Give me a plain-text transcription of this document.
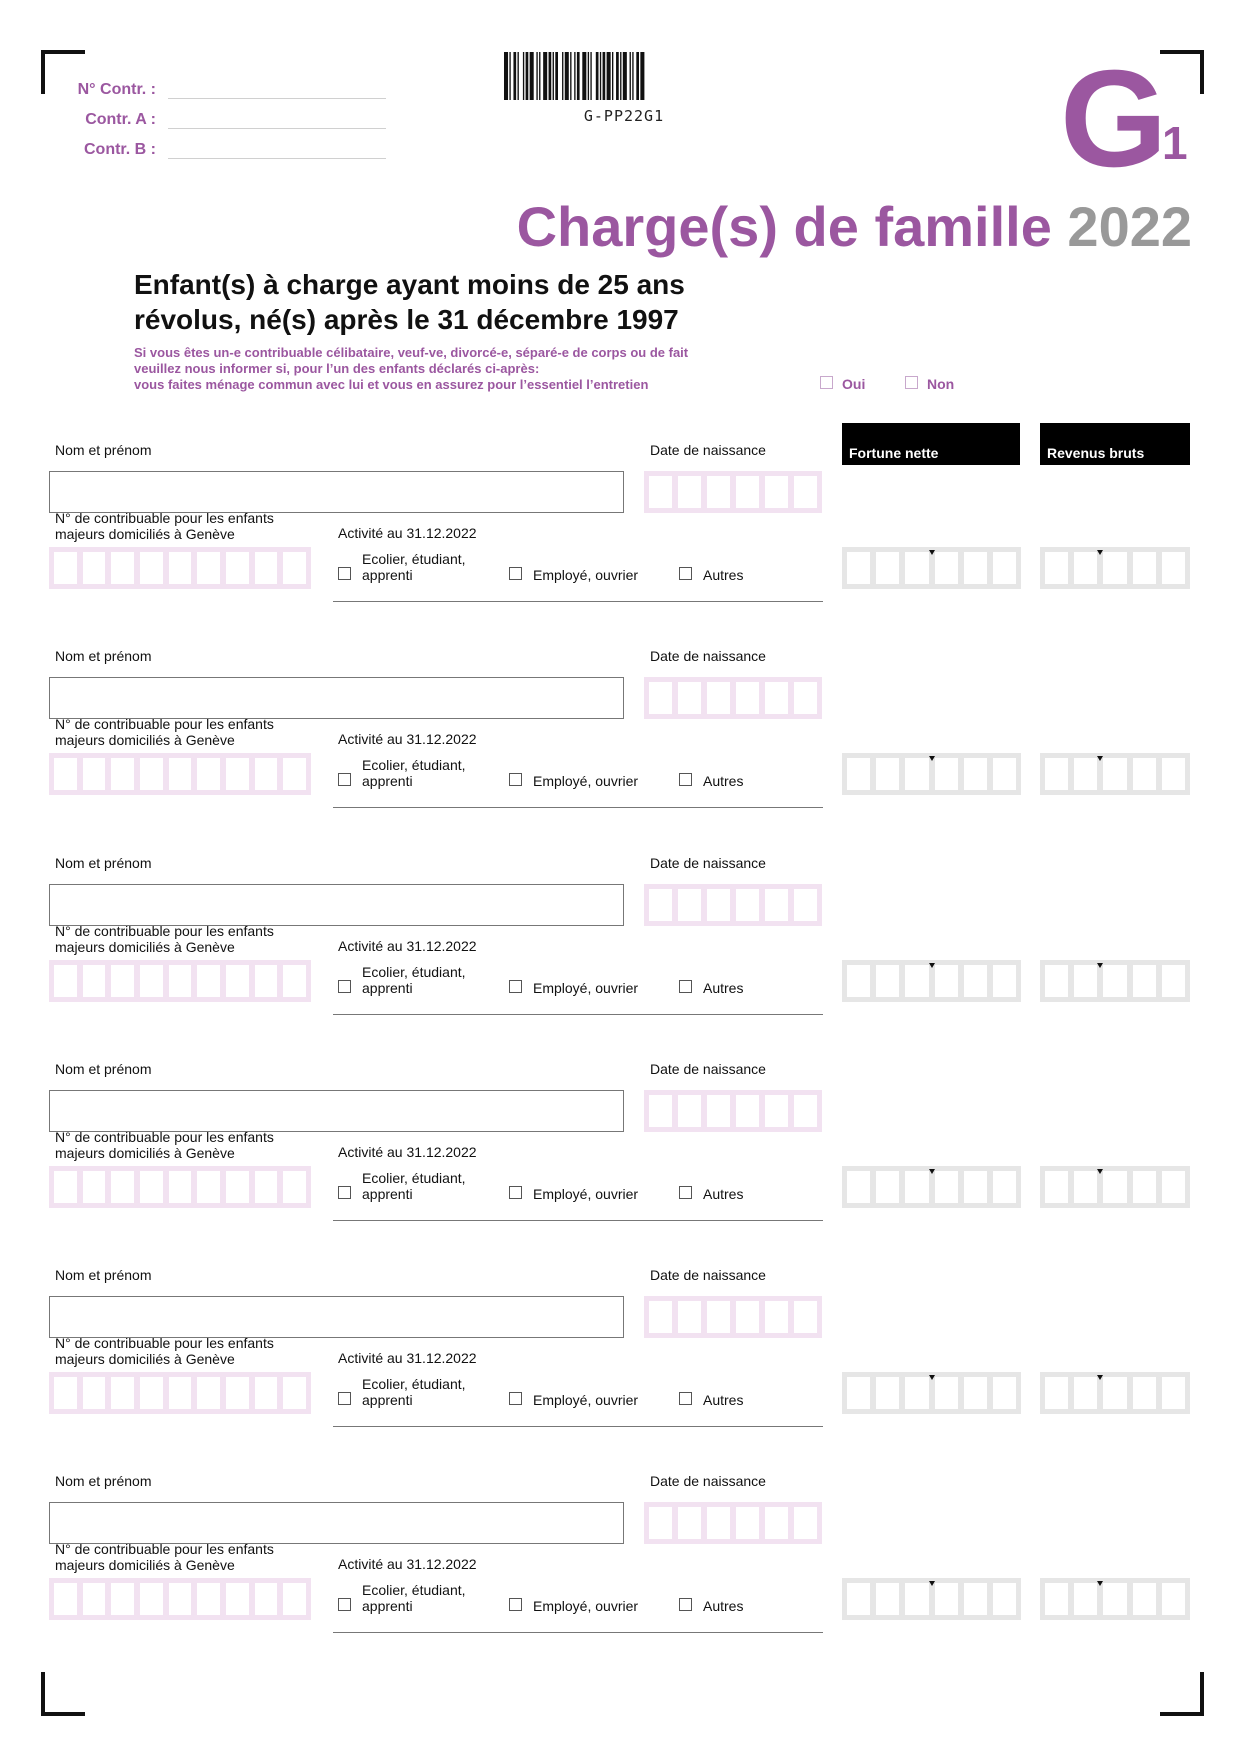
N° Contr. :
Contr. A :
Contr. B :
G-PP22G1	G
1
Charge(s) de famille 2022
Enfant(s) à charge ayant moins de 25 ans
révolus, né(s) après le 31 décembre 1997
Si vous êtes un-e contribuable célibataire, veuf-ve, divorcé-e, séparé-e de corps ou de fait
veuillez nous informer si, pour l’un des enfants déclarés ci-après:
vous faites ménage commun avec lui et vous en assurez pour l’essentiel l’entretien	Oui	Non
Fortune nette	Revenus bruts
Nom et prénom	Date de naissance
N° de contribuable pour les enfants
majeurs domiciliés à Genève	Activité au 31.12.2022
Ecolier, étudiant,
apprenti	Employé, ouvrier	Autres
Nom et prénom	Date de naissance
N° de contribuable pour les enfants
majeurs domiciliés à Genève	Activité au 31.12.2022
Ecolier, étudiant,
apprenti	Employé, ouvrier	Autres
Nom et prénom	Date de naissance
N° de contribuable pour les enfants
majeurs domiciliés à Genève	Activité au 31.12.2022
Ecolier, étudiant,
apprenti	Employé, ouvrier	Autres
Nom et prénom	Date de naissance
N° de contribuable pour les enfants
majeurs domiciliés à Genève	Activité au 31.12.2022
Ecolier, étudiant,
apprenti	Employé, ouvrier	Autres
Nom et prénom	Date de naissance
N° de contribuable pour les enfants
majeurs domiciliés à Genève	Activité au 31.12.2022
Ecolier, étudiant,
apprenti	Employé, ouvrier	Autres
Nom et prénom	Date de naissance
N° de contribuable pour les enfants
majeurs domiciliés à Genève	Activité au 31.12.2022
Ecolier, étudiant,
apprenti	Employé, ouvrier	Autres
